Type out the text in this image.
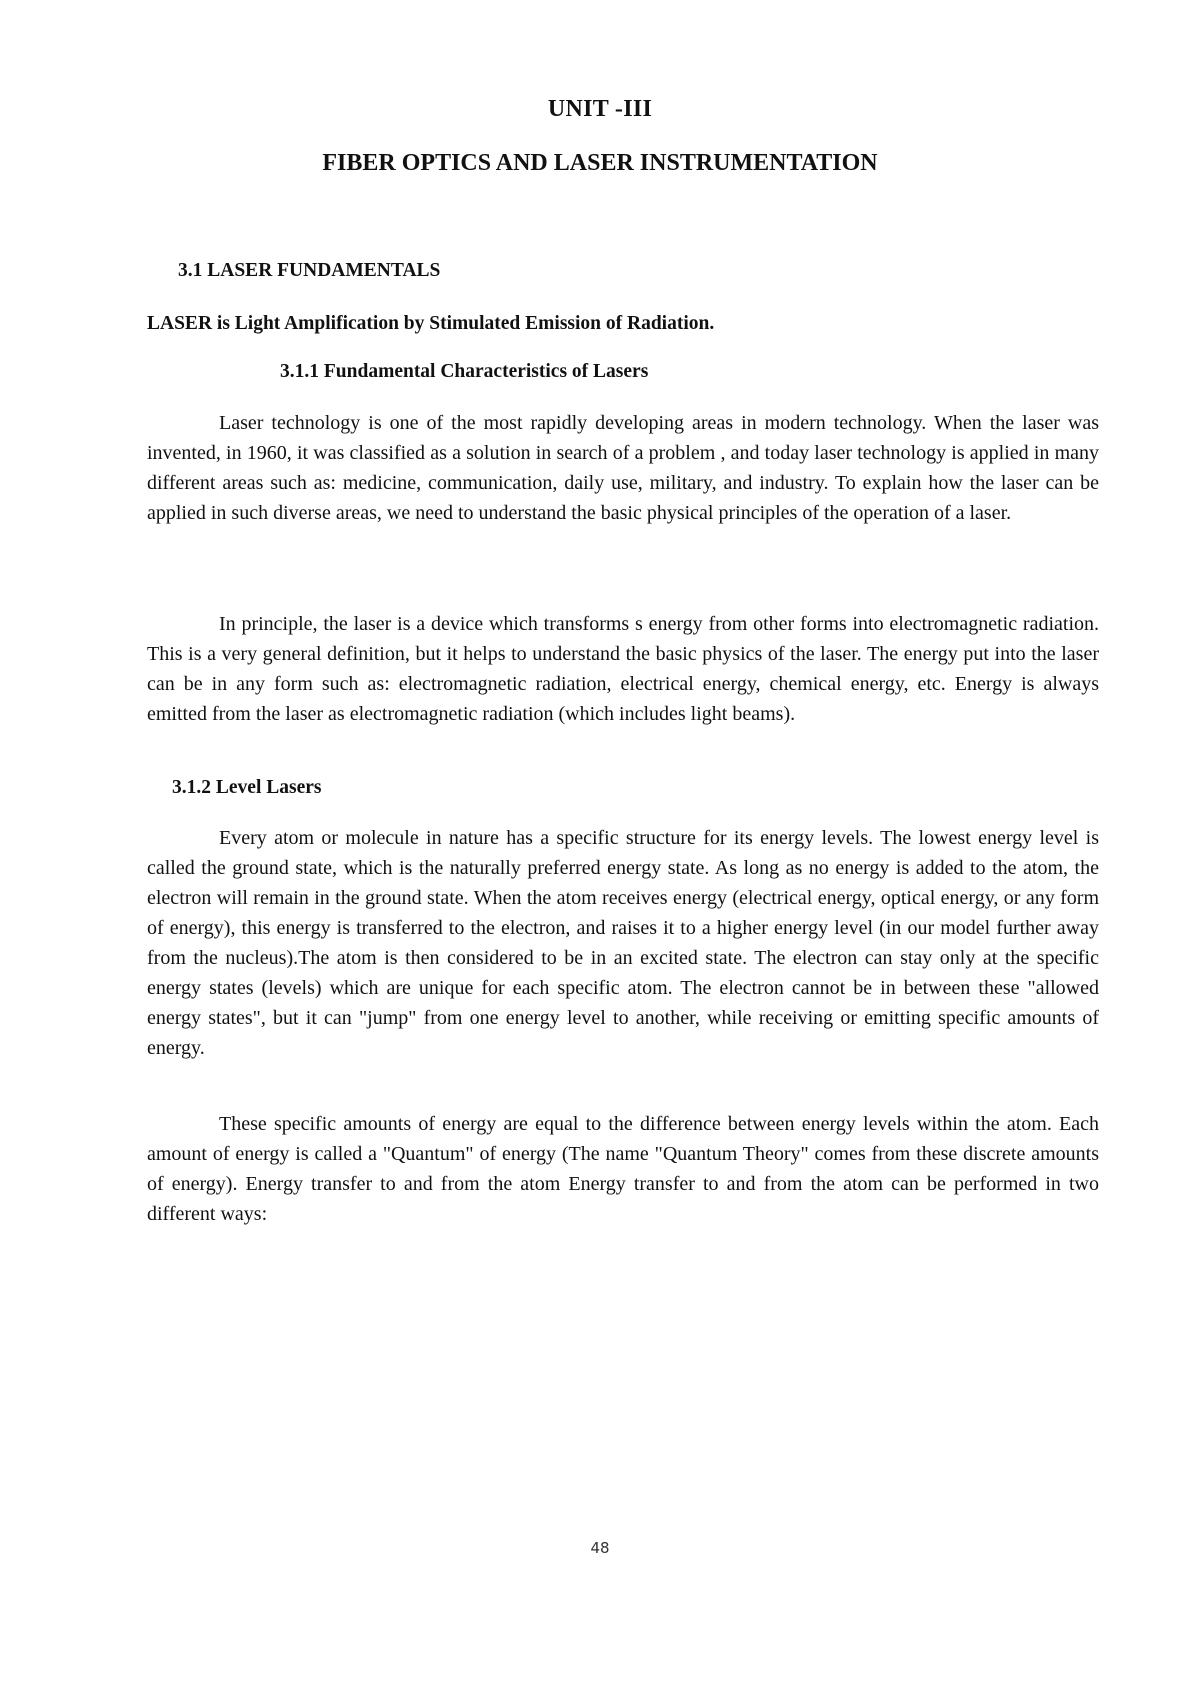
UNIT -III
FIBER OPTICS AND LASER INSTRUMENTATION
3.1 LASER FUNDAMENTALS
LASER is Light Amplification by Stimulated Emission of Radiation.
3.1.1 Fundamental Characteristics of Lasers

Laser technology is one of the most rapidly developing areas in modern technology. When the laser was invented, in 1960, it was classified as a solution in search of a problem , and today laser technology is applied in many different areas such as: medicine, communication, daily use, military, and industry. To explain how the laser can be applied in such diverse areas, we need to understand the basic physical principles of the operation of a laser.

In principle, the laser is a device which transforms s energy from other forms into electromagnetic radiation. This is a very general definition, but it helps to understand the basic physics of the laser. The energy put into the laser can be in any form such as: electromagnetic radiation, electrical energy, chemical energy, etc. Energy is always emitted from the laser as electromagnetic radiation (which includes light beams).

3.1.2 Level Lasers

Every atom or molecule in nature has a specific structure for its energy levels. The lowest energy level is called the ground state, which is the naturally preferred energy state. As long as no energy is added to the atom, the electron will remain in the ground state. When the atom receives energy (electrical energy, optical energy, or any form of energy), this energy is transferred to the electron, and raises it to a higher energy level (in our model further away from the nucleus).The atom is then considered to be in an excited state. The electron can stay only at the specific energy states (levels) which are unique for each specific atom. The electron cannot be in between these "allowed energy states", but it can "jump" from one energy level to another, while receiving or emitting specific amounts of energy.

These specific amounts of energy are equal to the difference between energy levels within the atom. Each amount of energy is called a "Quantum" of energy (The name "Quantum Theory" comes from these discrete amounts of energy). Energy transfer to and from the atom Energy transfer to and from the atom can be performed in two different ways:

48
